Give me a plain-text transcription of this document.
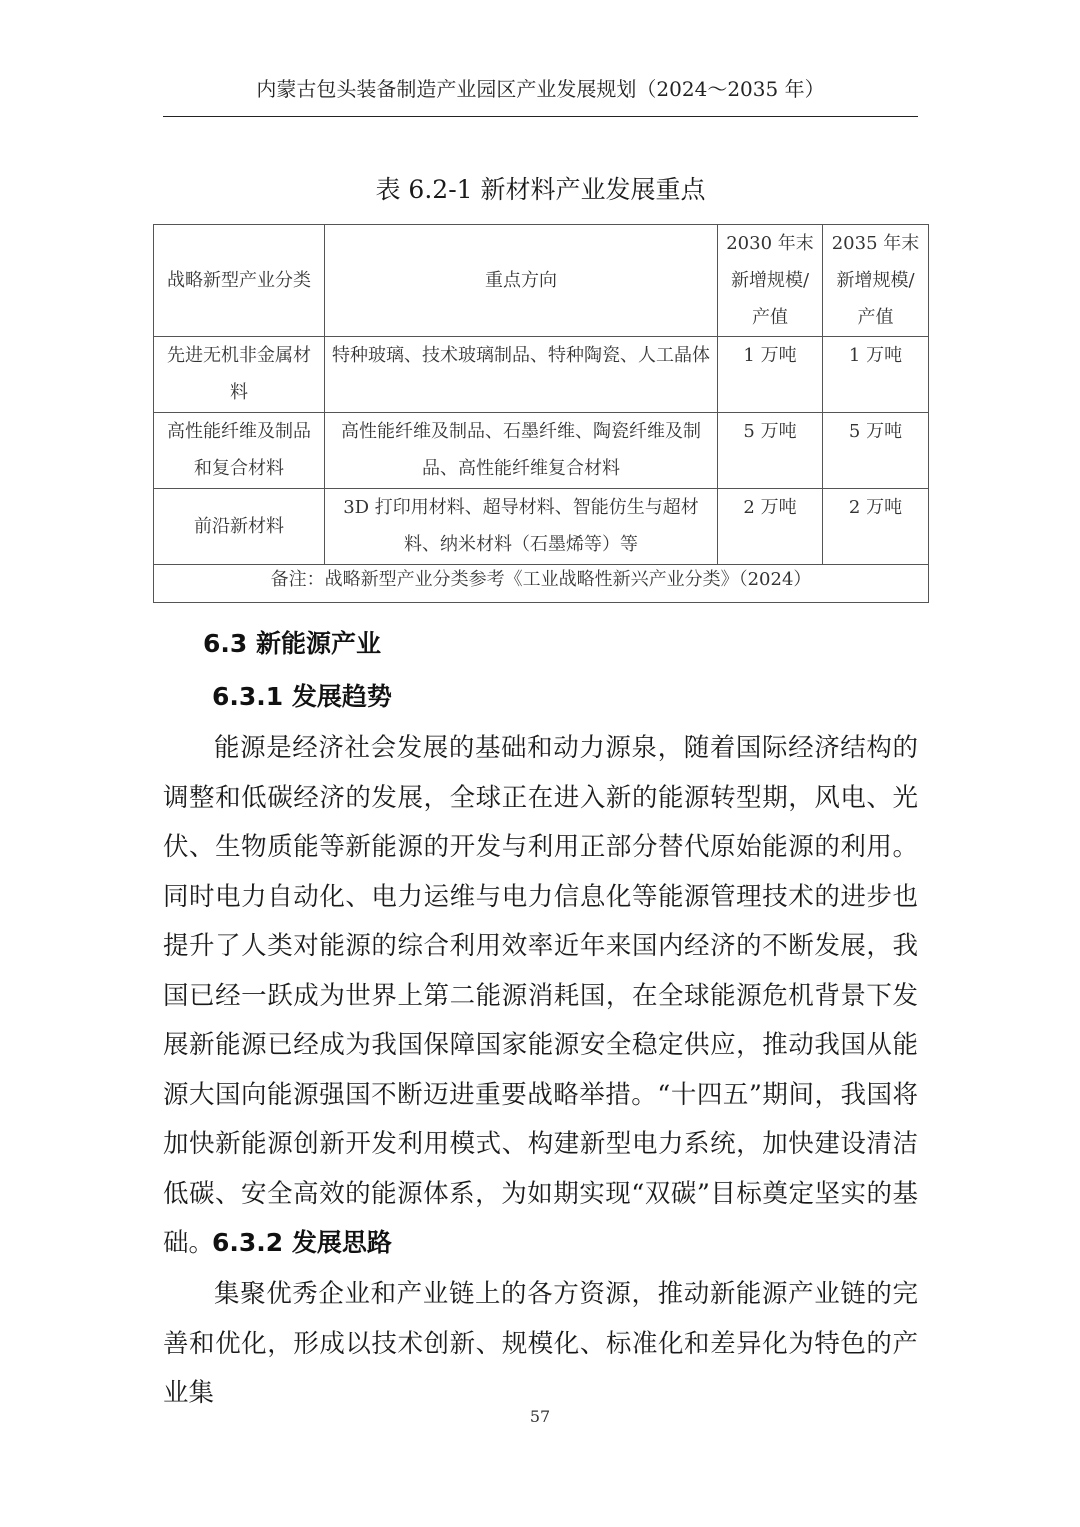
内蒙古包头装备制造产业园区产业发展规划（2024～2035 年）
表 6.2-1 新材料产业发展重点
战略新型产业分类	重点方向	2030 年末新增规模/产值	2035 年末新增规模/产值
先进无机非金属材料	特种玻璃、技术玻璃制品、特种陶瓷、人工晶体	1 万吨	1 万吨
高性能纤维及制品和复合材料	高性能纤维及制品、石墨纤维、陶瓷纤维及制品、高性能纤维复合材料	5 万吨	5 万吨
前沿新材料	3D 打印用材料、超导材料、智能仿生与超材料、纳米材料（石墨烯等）等	2 万吨	2 万吨
备注：战略新型产业分类参考《工业战略性新兴产业分类》（2024）			
6.3 新能源产业
6.3.1 发展趋势

能源是经济社会发展的基础和动力源泉，随着国际经济结构的调整和低碳经济的发展，全球正在进入新的能源转型期，风电、光伏、生物质能等新能源的开发与利用正部分替代原始能源的利用。同时电力自动化、电力运维与电力信息化等能源管理技术的进步也提升了人类对能源的综合利用效率近年来国内经济的不断发展，我国已经一跃成为世界上第二能源消耗国，在全球能源危机背景下发展新能源已经成为我国保障国家能源安全稳定供应，推动我国从能源大国向能源强国不断迈进重要战略举措。“十四五”期间，我国将加快新能源创新开发利用模式、构建新型电力系统，加快建设清洁低碳、安全高效的能源体系，为如期实现“双碳”目标奠定坚实的基础。

6.3.2 发展思路

集聚优秀企业和产业链上的各方资源，推动新能源产业链的完善和优化，形成以技术创新、规模化、标准化和差异化为特色的产业集

57
